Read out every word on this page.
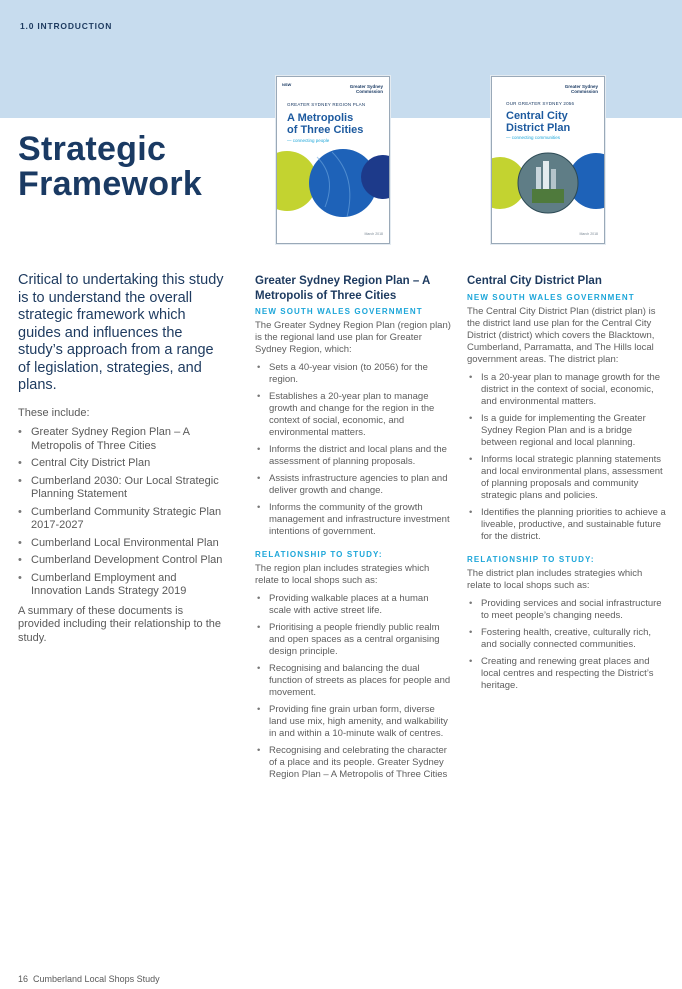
1.0 INTRODUCTION
Strategic
Framework
NSW	Greater Sydney
Commission
GREATER SYDNEY REGION PLAN
A Metropolis
of Three Cities
— connecting people
March 2018
Greater Sydney
Commission
OUR GREATER SYDNEY 2056
Central City
District Plan
— connecting communities
March 2018

Critical to undertaking this study is to understand the overall strategic framework which guides and influences the study’s approach from a range of legislation, strategies, and plans.

These include:

• Greater Sydney Region Plan – A Metropolis of Three Cities
• Central City District Plan
• Cumberland 2030: Our Local Strategic Planning Statement
• Cumberland Community Strategic Plan 2017-2027
• Cumberland Local Environmental Plan
• Cumberland Development Control Plan
• Cumberland Employment and Innovation Lands Strategy 2019

A summary of these documents is provided including their relationship to the study.

Greater Sydney Region Plan – A Metropolis of Three Cities
NEW SOUTH WALES GOVERNMENT

The Greater Sydney Region Plan (region plan) is the regional land use plan for Greater Sydney Region, which:

• Sets a 40-year vision (to 2056) for the region.
• Establishes a 20-year plan to manage growth and change for the region in the context of social, economic, and environmental matters.
• Informs the district and local plans and the assessment of planning proposals.
• Assists infrastructure agencies to plan and deliver growth and change.
• Informs the community of the growth management and infrastructure investment intentions of government.
RELATIONSHIP TO STUDY:

The region plan includes strategies which relate to local shops such as:

• Providing walkable places at a human scale with active street life.
• Prioritising a people friendly public realm and open spaces as a central organising design principle.
• Recognising and balancing the dual function of streets as places for people and movement.
• Providing fine grain urban form, diverse land use mix, high amenity, and walkability in and within a 10-minute walk of centres.
• Recognising and celebrating the character of a place and its people. Greater Sydney Region Plan – A Metropolis of Three Cities
Central City District Plan
NEW SOUTH WALES GOVERNMENT

The Central City District Plan (district plan) is the district land use plan for the Central City District (district) which covers the Blacktown, Cumberland, Parramatta, and The Hills local government areas. The district plan:

• Is a 20-year plan to manage growth for the district in the context of social, economic, and environmental matters.
• Is a guide for implementing the Greater Sydney Region Plan and is a bridge between regional and local planning.
• Informs local strategic planning statements and local environmental plans, assessment of planning proposals and community strategic plans and policies.
• Identifies the planning priorities to achieve a liveable, productive, and sustainable future for the district.
RELATIONSHIP TO STUDY:

The district plan includes strategies which relate to local shops such as:

• Providing services and social infrastructure to meet people’s changing needs.
• Fostering health, creative, culturally rich, and socially connected communities.
• Creating and renewing great places and local centres and respecting the District’s heritage.
16 Cumberland Local Shops Study
